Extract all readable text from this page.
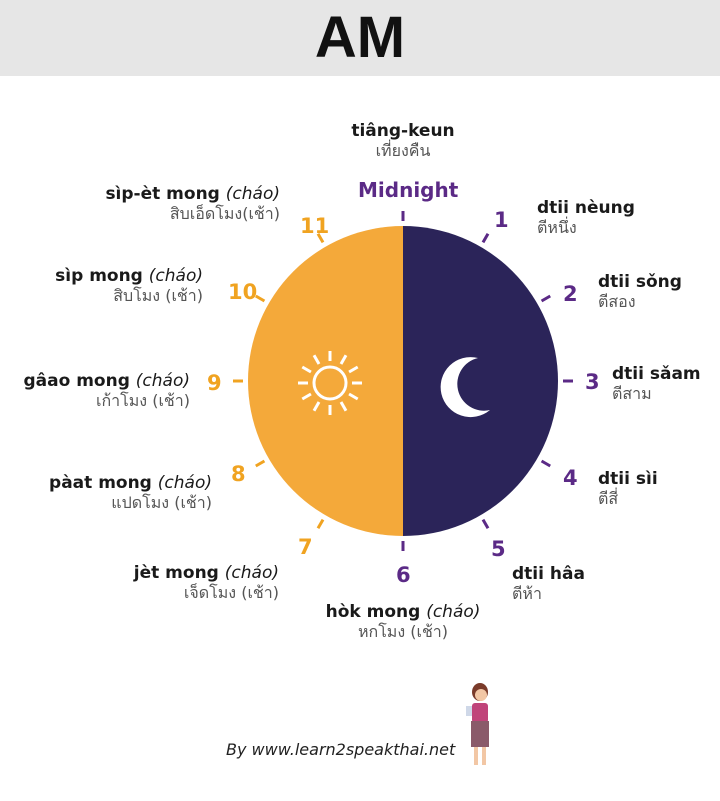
AM
Midnight
tiâng-keun
เที่ยงคืน
11
10
9
8
7
6
1
2
3
4
5
sìp-èt mong (cháo)
สิบเอ็ดโมง(เช้า)
sìp mong (cháo)
สิบโมง (เช้า)
gâao mong (cháo)
เก้าโมง (เช้า)
pàat mong (cháo)
แปดโมง (เช้า)
jèt mong (cháo)
เจ็ดโมง (เช้า)
hòk mong (cháo)
หกโมง (เช้า)
dtii nèung
ตีหนึ่ง
dtii sǒng
ตีสอง
dtii sǎam
ตีสาม
dtii sìi
ตีสี่
dtii hâa
ตีห้า
By www.learn2speakthai.net
